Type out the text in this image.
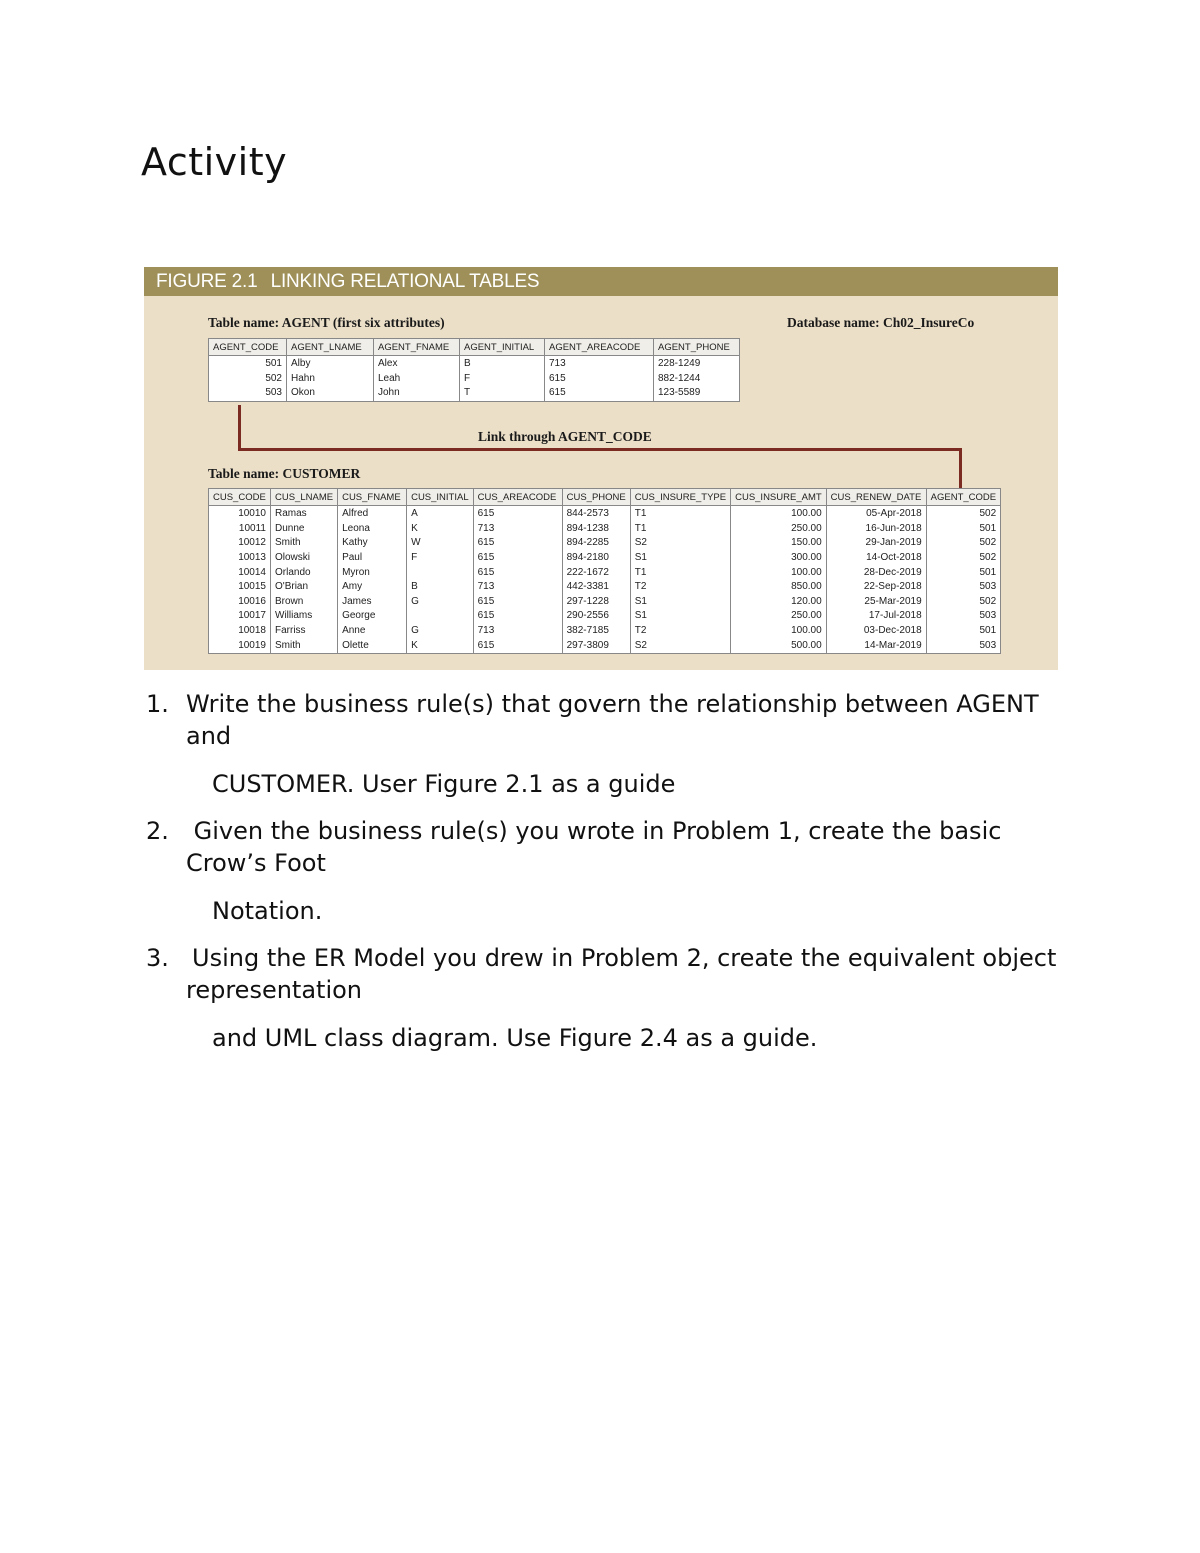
Activity
FIGURE 2.1 LINKING RELATIONAL TABLES
Table name: AGENT (first six attributes)	Database name: Ch02_InsureCo
AGENT_CODE	AGENT_LNAME	AGENT_FNAME	AGENT_INITIAL	AGENT_AREACODE	AGENT_PHONE
501	Alby	Alex	B	713	228-1249
502	Hahn	Leah	F	615	882-1244
503	Okon	John	T	615	123-5589
Link through AGENT_CODE
Table name: CUSTOMER
CUS_CODE	CUS_LNAME	CUS_FNAME	CUS_INITIAL	CUS_AREACODE	CUS_PHONE	CUS_INSURE_TYPE	CUS_INSURE_AMT	CUS_RENEW_DATE	AGENT_CODE
10010	Ramas	Alfred	A	615	844-2573	T1	100.00	05-Apr-2018	502
10011	Dunne	Leona	K	713	894-1238	T1	250.00	16-Jun-2018	501
10012	Smith	Kathy	W	615	894-2285	S2	150.00	29-Jan-2019	502
10013	Olowski	Paul	F	615	894-2180	S1	300.00	14-Oct-2018	502
10014	Orlando	Myron		615	222-1672	T1	100.00	28-Dec-2019	501
10015	O'Brian	Amy	B	713	442-3381	T2	850.00	22-Sep-2018	503
10016	Brown	James	G	615	297-1228	S1	120.00	25-Mar-2019	502
10017	Williams	George		615	290-2556	S1	250.00	17-Jul-2018	503
10018	Farriss	Anne	G	713	382-7185	T2	100.00	03-Dec-2018	501
10019	Smith	Olette	K	615	297-3809	S2	500.00	14-Mar-2019	503
1. Write the business rule(s) that govern the relationship between AGENT and
CUSTOMER. User Figure 2.1 as a guide
2. Given the business rule(s) you wrote in Problem 1, create the basic Crow’s Foot
Notation.
3. Using the ER Model you drew in Problem 2, create the equivalent object representation
and UML class diagram. Use Figure 2.4 as a guide.
